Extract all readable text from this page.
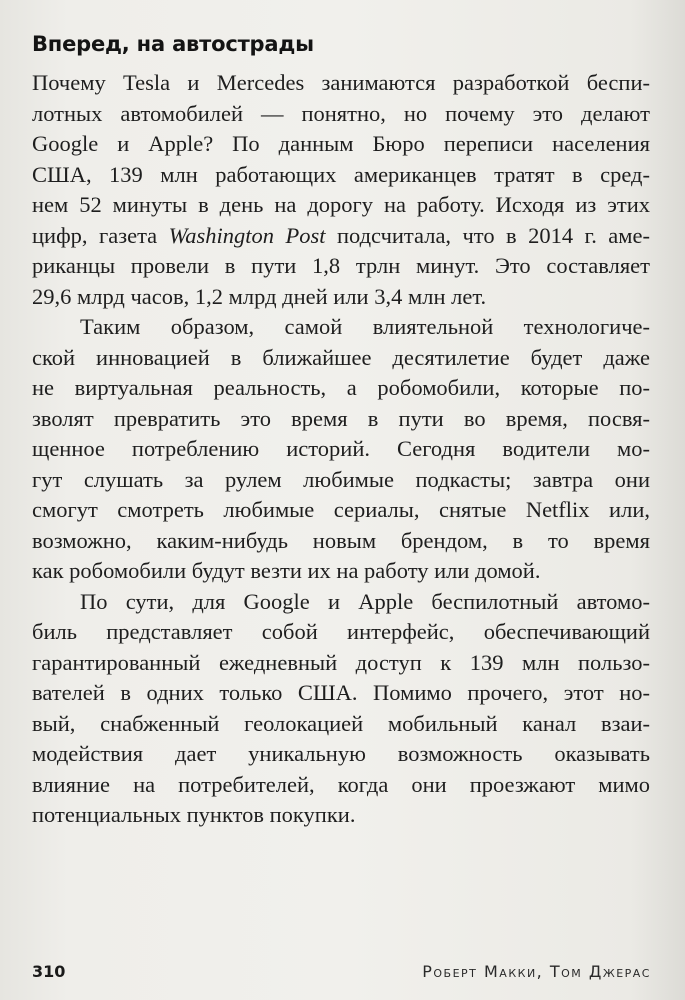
Вперед, на автострады

Почему Tesla и Mercedes занимаются разработкой беспи-
лотных автомобилей — понятно, но почему это делают
Google и Apple? По данным Бюро переписи населения
США, 139 млн работающих американцев тратят в сред-
нем 52 минуты в день на дорогу на работу. Исходя из этих
цифр, газета Washington Post подсчитала, что в 2014 г. аме-
риканцы провели в пути 1,8 трлн минут. Это составляет
29,6 млрд часов, 1,2 млрд дней или 3,4 млн лет.

Таким образом, самой влиятельной технологиче-
ской инновацией в ближайшее десятилетие будет даже
не виртуальная реальность, а робомобили, которые по-
зволят превратить это время в пути во время, посвя-
щенное потреблению историй. Сегодня водители мо-
гут слушать за рулем любимые подкасты; завтра они
смогут смотреть любимые сериалы, снятые Netflix или,
возможно, каким-нибудь новым брендом, в то время
как робомобили будут везти их на работу или домой.

По сути, для Google и Apple беспилотный автомо-
биль представляет собой интерфейс, обеспечивающий
гарантированный ежедневный доступ к 139 млн пользо-
вателей в одних только США. Помимо прочего, этот но-
вый, снабженный геолокацией мобильный канал взаи-
модействия дает уникальную возможность оказывать
влияние на потребителей, когда они проезжают мимо
потенциальных пунктов покупки.

310	Роберт Макки, Том Джерас
